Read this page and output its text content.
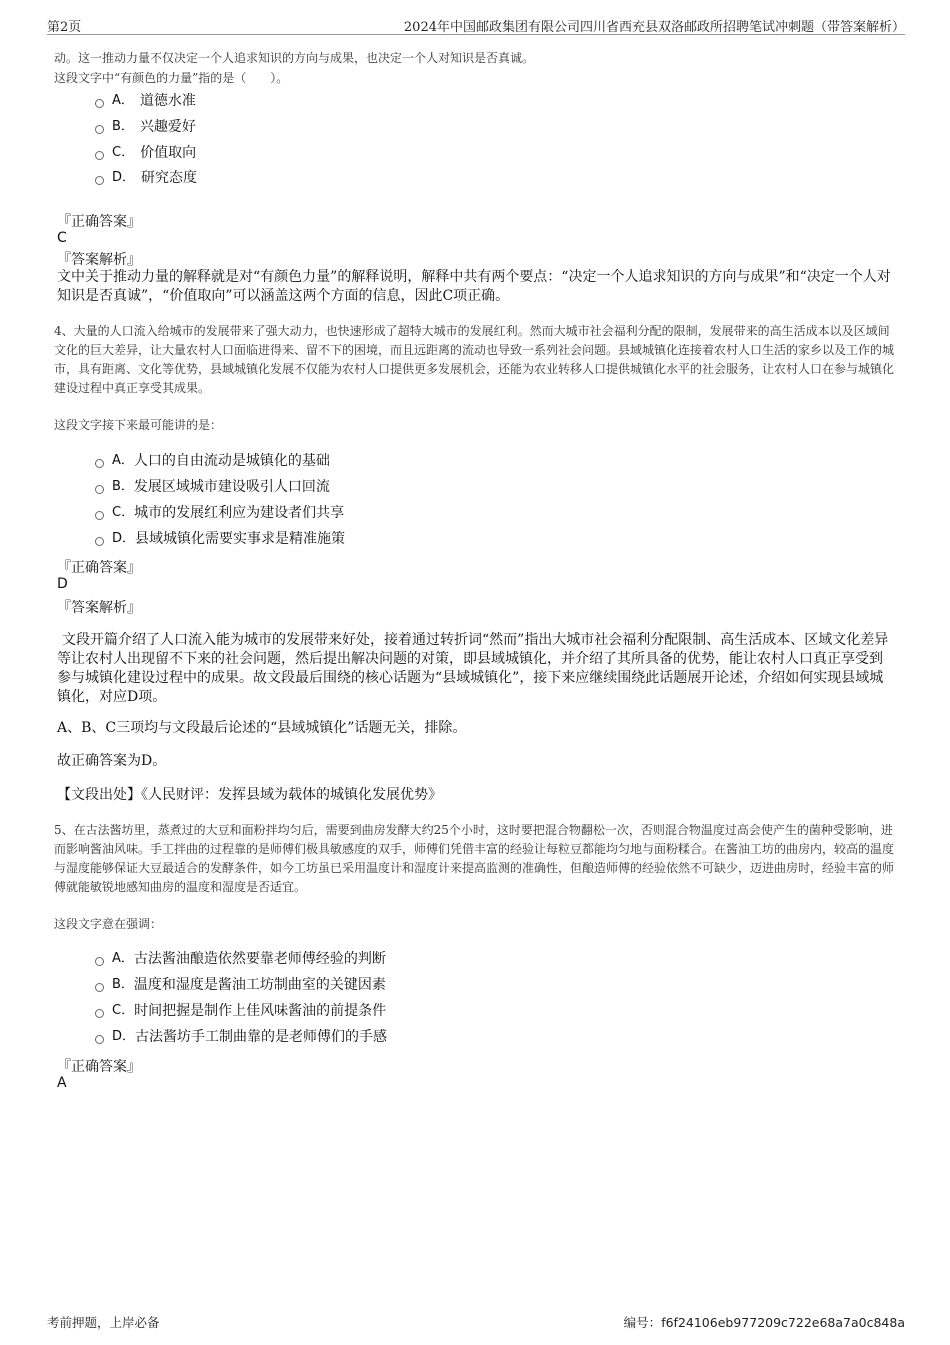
第2页	2024年中国邮政集团有限公司四川省西充县双洛邮政所招聘笔试冲刺题（带答案解析）
动。这一推动力量不仅决定一个人追求知识的方向与成果，也决定一个人对知识是否真诚。
这段文字中“有颜色的力量”指的是（　　）。
A． 道德水准
B． 兴趣爱好
C． 价值取向
D． 研究态度
『正确答案』
C
『答案解析』
文中关于推动力量的解释就是对“有颜色力量”的解释说明，解释中共有两个要点：“决定一个人追求知识的方向与成果”和“决定一个人对知识是否真诚”，“价值取向”可以涵盖这两个方面的信息，因此C项正确。
4、大量的人口流入给城市的发展带来了强大动力，也快速形成了超特大城市的发展红利。然而大城市社会福利分配的限制，发展带来的高生活成本以及区域间文化的巨大差异，让大量农村人口面临进得来、留不下的困境，而且远距离的流动也导致一系列社会问题。县域城镇化连接着农村人口生活的家乡以及工作的城市，具有距离、文化等优势，县域城镇化发展不仅能为农村人口提供更多发展机会，还能为农业转移人口提供城镇化水平的社会服务，让农村人口在参与城镇化建设过程中真正享受其成果。
这段文字接下来最可能讲的是：
A． 人口的自由流动是城镇化的基础
B． 发展区域城市建设吸引人口回流
C． 城市的发展红利应为建设者们共享
D． 县域城镇化需要实事求是精准施策
『正确答案』
D
『答案解析』
文段开篇介绍了人口流入能为城市的发展带来好处，接着通过转折词“然而”指出大城市社会福利分配限制、高生活成本、区域文化差异等让农村人出现留不下来的社会问题，然后提出解决问题的对策，即县域城镇化，并介绍了其所具备的优势，能让农村人口真正享受到参与城镇化建设过程中的成果。故文段最后围绕的核心话题为“县域城镇化”，接下来应继续围绕此话题展开论述，介绍如何实现县域城镇化，对应D项。
A、B、C三项均与文段最后论述的“县域城镇化”话题无关，排除。
故正确答案为D。
【文段出处】《人民财评：发挥县域为载体的城镇化发展优势》
5、在古法酱坊里，蒸煮过的大豆和面粉拌均匀后，需要到曲房发酵大约25个小时，这时要把混合物翻松一次，否则混合物温度过高会使产生的菌种受影响，进而影响酱油风味。手工拌曲的过程靠的是师傅们极具敏感度的双手，师傅们凭借丰富的经验让每粒豆都能均匀地与面粉糅合。在酱油工坊的曲房内，较高的温度与湿度能够保证大豆最适合的发酵条件，如今工坊虽已采用温度计和湿度计来提高监测的准确性，但酿造师傅的经验依然不可缺少，迈进曲房时，经验丰富的师傅就能敏锐地感知曲房的温度和湿度是否适宜。
这段文字意在强调：
A． 古法酱油酿造依然要靠老师傅经验的判断
B． 温度和湿度是酱油工坊制曲室的关键因素
C． 时间把握是制作上佳风味酱油的前提条件
D． 古法酱坊手工制曲靠的是老师傅们的手感
『正确答案』
A
考前押题，上岸必备	编号：f6f24106eb977209c722e68a7a0c848a
